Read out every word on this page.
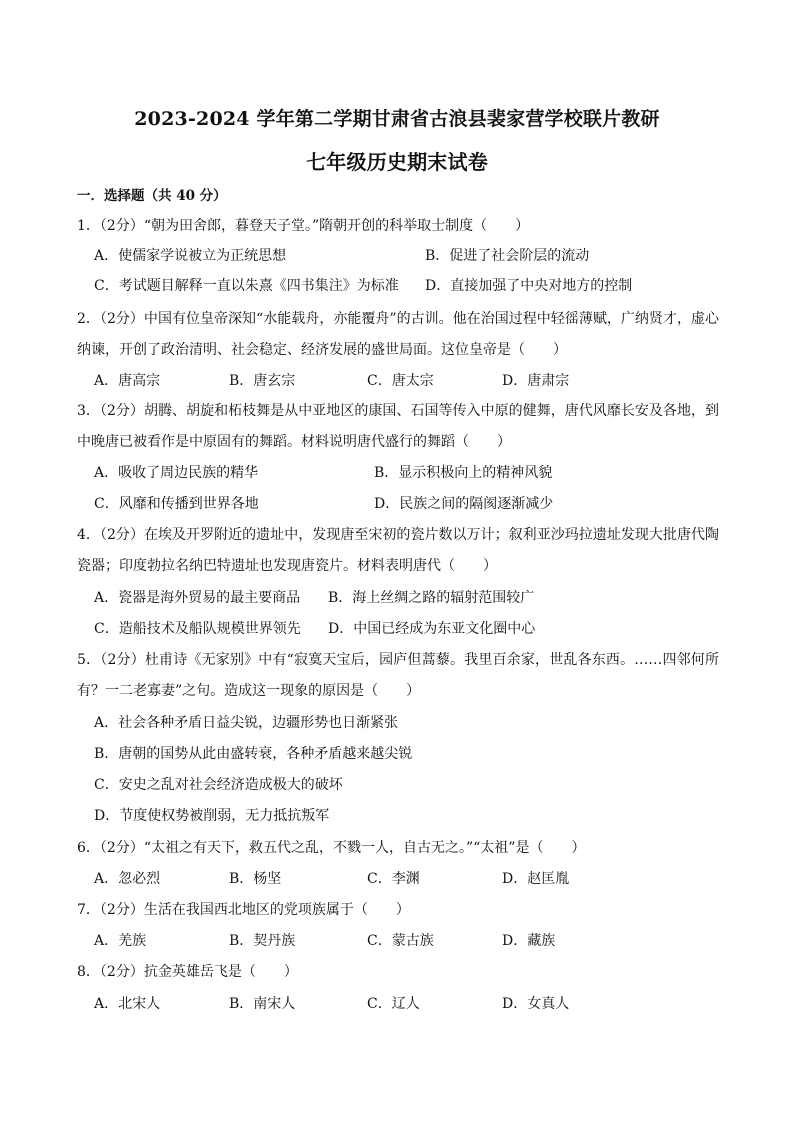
2023-2024 学年第二学期甘肃省古浪县裴家营学校联片教研
七年级历史期末试卷
一．选择题（共 40 分）
1．（2分）“朝为田舍郎，暮登天子堂。”隋朝开创的科举取士制度（　　）
A．使儒家学说被立为正统思想	B．促进了社会阶层的流动
C．考试题目解释一直以朱熹《四书集注》为标准 D．直接加强了中央对地方的控制
2．（2分）中国有位皇帝深知“水能载舟，亦能覆舟”的古训。他在治国过程中轻徭薄赋，广纳贤才，虚心纳谏，开创了政治清明、社会稳定、经济发展的盛世局面。这位皇帝是（　　）
A．唐高宗	B．唐玄宗	C．唐太宗	D．唐肃宗
3．（2分）胡腾、胡旋和柘枝舞是从中亚地区的康国、石国等传入中原的健舞，唐代风靡长安及各地，到中晚唐已被看作是中原固有的舞蹈。材料说明唐代盛行的舞蹈（　　）
A．吸收了周边民族的精华	B．显示积极向上的精神风貌
C．风靡和传播到世界各地	D．民族之间的隔阂逐渐减少
4．（2分）在埃及开罗附近的遗址中，发现唐至宋初的瓷片数以万计；叙利亚沙玛拉遗址发现大批唐代陶瓷器；印度勃拉名纳巴特遗址也发现唐瓷片。材料表明唐代（　　）
A．瓷器是海外贸易的最主要商品 B．海上丝绸之路的辐射范围较广
C．造船技术及船队规模世界领先 D．中国已经成为东亚文化圈中心
5．（2分）杜甫诗《无家别》中有“寂寞天宝后，园庐但蒿藜。我里百余家，世乱各东西。……四邻何所有？一二老寡妻”之句。造成这一现象的原因是（　　）
A．社会各种矛盾日益尖锐，边疆形势也日渐紧张
B．唐朝的国势从此由盛转衰，各种矛盾越来越尖锐
C．安史之乱对社会经济造成极大的破坏
D．节度使权势被削弱，无力抵抗叛军
6．（2分）“太祖之有天下，救五代之乱，不戮一人，自古无之。”“太祖”是（　　）
A．忽必烈	B．杨坚	C．李渊	D．赵匡胤
7．（2分）生活在我国西北地区的党项族属于（　　）
A．羌族	B．契丹族	C．蒙古族	D．藏族
8．（2分）抗金英雄岳飞是（　　）
A．北宋人	B．南宋人	C．辽人	D．女真人
